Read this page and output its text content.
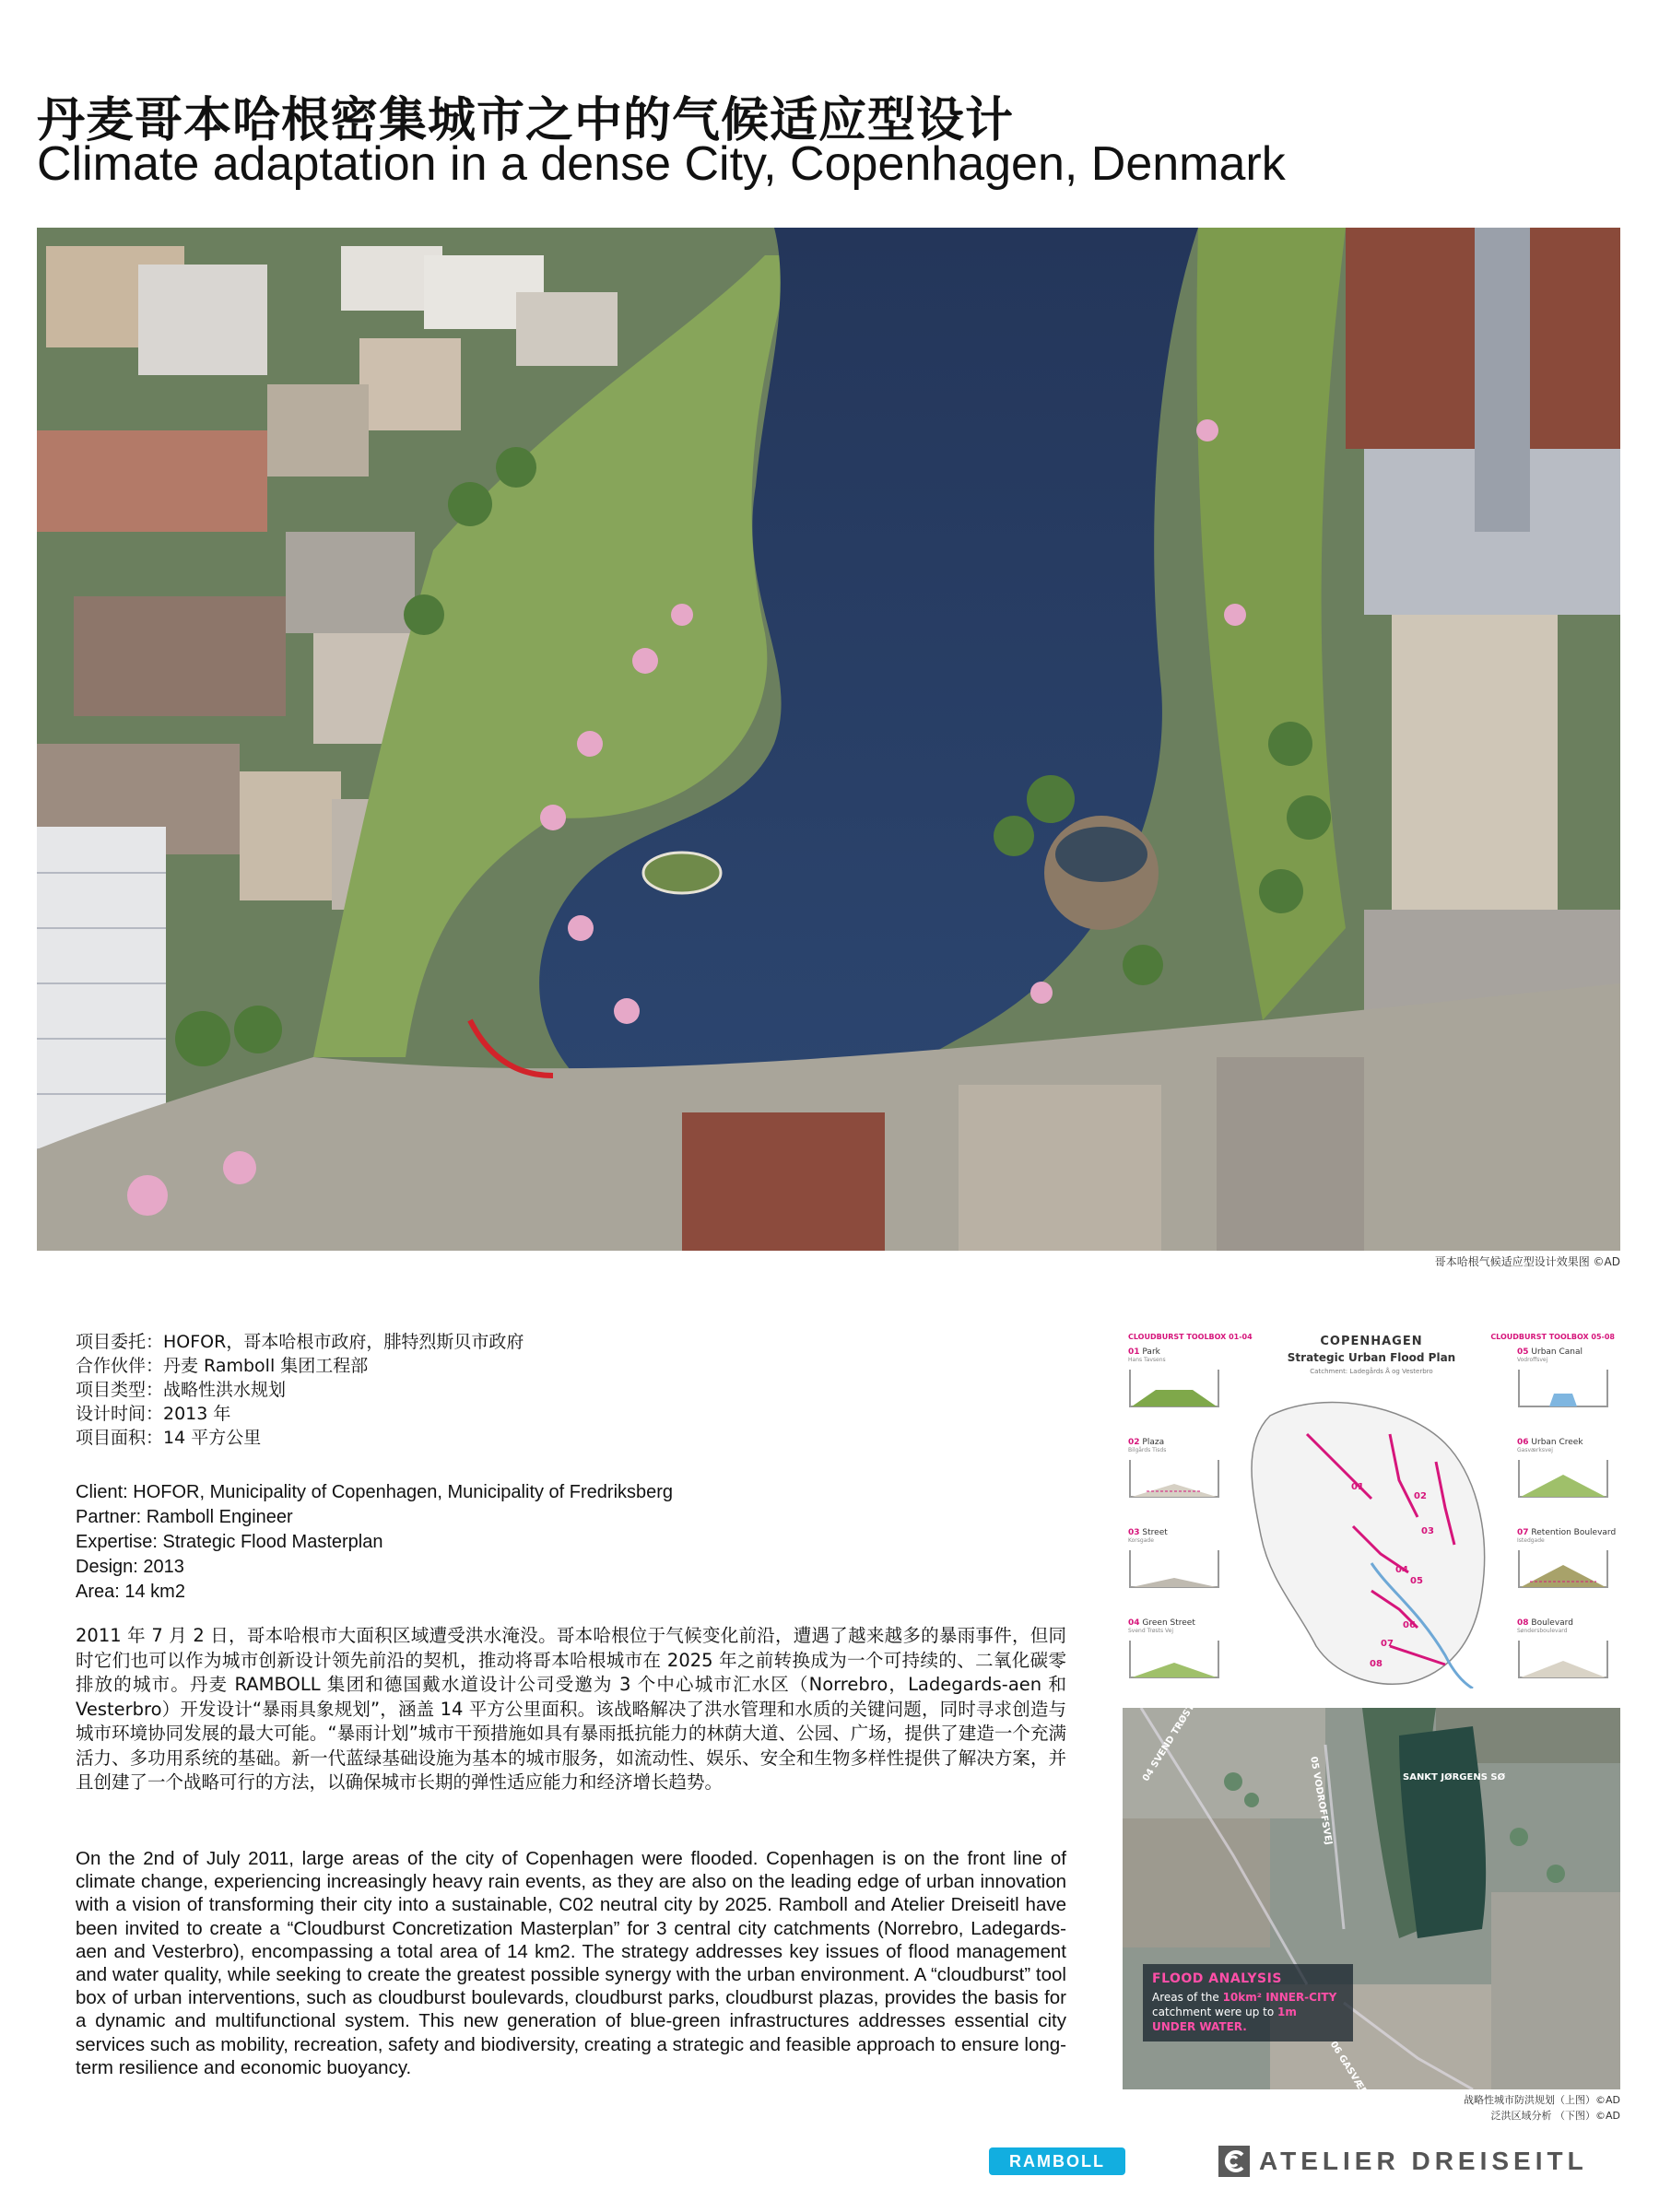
丹麦哥本哈根密集城市之中的气候适应型设计
Climate adaptation in a dense City, Copenhagen, Denmark
哥本哈根气候适应型设计效果图 ©AD
项目委托：HOFOR，哥本哈根市政府，腓特烈斯贝市政府
合作伙伴：丹麦 Ramboll 集团工程部
项目类型：战略性洪水规划
设计时间：2013 年
项目面积：14 平方公里
Client: HOFOR, Municipality of Copenhagen, Municipality of Fredriksberg
Partner: Ramboll Engineer
Expertise: Strategic Flood Masterplan
Design: 2013
Area: 14 km2
2011 年 7 月 2 日，哥本哈根市大面积区域遭受洪水淹没。哥本哈根位于气候变化前沿，遭遇了越来越多的暴雨事件，但同时它们也可以作为城市创新设计领先前沿的契机，推动将哥本哈根城市在 2025 年之前转换成为一个可持续的、二氧化碳零排放的城市。丹麦 RAMBOLL 集团和德国戴水道设计公司受邀为 3 个中心城市汇水区（Norrebro，Ladegards-aen 和 Vesterbro）开发设计“暴雨具象规划”，涵盖 14 平方公里面积。该战略解决了洪水管理和水质的关键问题，同时寻求创造与城市环境协同发展的最大可能。“暴雨计划”城市干预措施如具有暴雨抵抗能力的林荫大道、公园、广场，提供了建造一个充满活力、多功用系统的基础。新一代蓝绿基础设施为基本的城市服务，如流动性、娱乐、安全和生物多样性提供了解决方案，并且创建了一个战略可行的方法，以确保城市长期的弹性适应能力和经济增长趋势。
On the 2nd of July 2011, large areas of the city of Copenhagen were flooded. Copenhagen is on the front line of climate change, experiencing increasingly heavy rain events, as they are also on the leading edge of urban innovation with a vision of transforming their city into a sustainable, C02 neutral city by 2025. Ramboll and Atelier Dreiseitl have been invited to create a “Cloudburst Concretization Masterplan” for 3 central city catchments (Norrebro, Ladegards-aen and Vesterbro), encompassing a total area of 14 km2. The strategy addresses key issues of flood management and water quality, while seeking to create the greatest possible synergy with the urban environment. A “cloudburst” tool box of urban interventions, such as cloudburst boulevards, cloudburst parks, cloudburst plazas, provides the basis for a dynamic and multifunctional system. This new generation of blue-green infrastructures addresses essential city services such as mobility, recreation, safety and biodiversity, creating a strategic and feasible approach to ensure long-term resilience and economic buoyancy.
CLOUDBURST TOOLBOX 01-04	CLOUDBURST TOOLBOX 05-08
COPENHAGEN
Strategic Urban Flood Plan
Catchment: Ladegårds Å og Vesterbro
01 Park
Hans Tavsens
02 Plaza
Bilgårds Tisds
03 Street
Korsgade
04 Green Street
Svend Trøsts Vej
05 Urban Canal
Vodroffsvej
06 Urban Creek
Gasværksvej
07 Retention Boulevard
Istedgade
08 Boulevard
Søndersboulevard
01
02
03
05
04
06
07
08
05 VODROFFSVEJ	SANKT JØRGENS SØ
FLOOD ANALYSIS
Areas of the 10km² INNER-CITY catchment were up to 1m UNDER WATER.
战略性城市防洪规划（上图）©AD
泛洪区域分析 （下图）©AD
RAMBOLL	ATELIER DREISEITL
